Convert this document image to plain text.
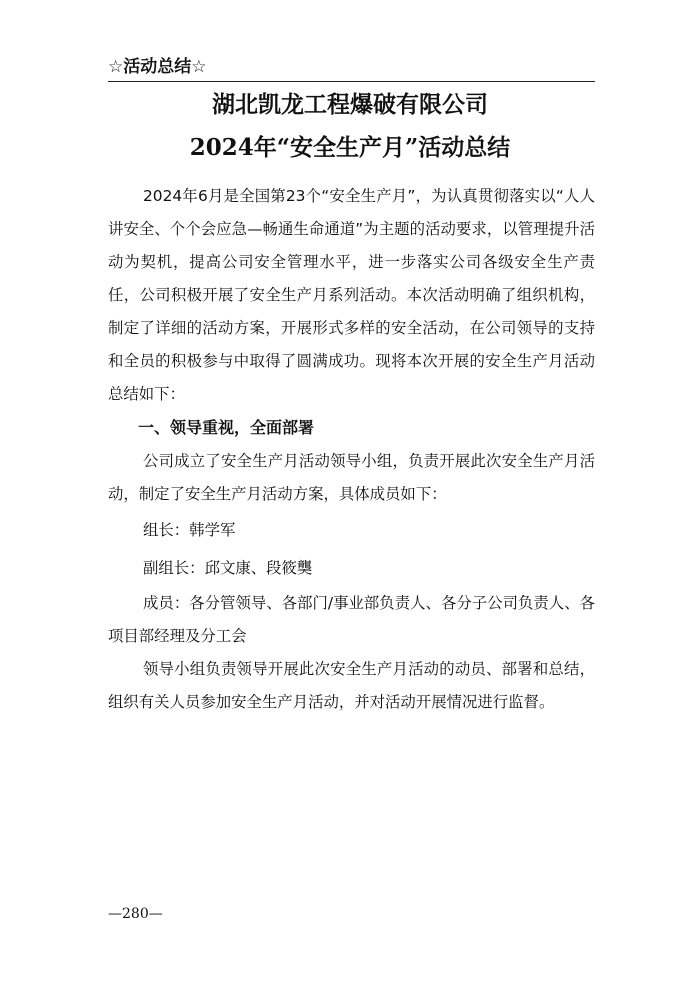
☆活动总结☆
湖北凯龙工程爆破有限公司
2024年“安全生产月”活动总结

2024年6月是全国第23个“安全生产月”，为认真贯彻落实以“人人讲安全、个个会应急—畅通生命通道”为主题的活动要求，以管理提升活动为契机，提高公司安全管理水平，进一步落实公司各级安全生产责任，公司积极开展了安全生产月系列活动。本次活动明确了组织机构，制定了详细的活动方案，开展形式多样的安全活动，在公司领导的支持和全员的积极参与中取得了圆满成功。现将本次开展的安全生产月活动总结如下：

一、领导重视，全面部署

公司成立了安全生产月活动领导小组，负责开展此次安全生产月活动，制定了安全生产月活动方案，具体成员如下：

组长：韩学军

副组长：邱文康、段筱龑

成员：各分管领导、各部门/事业部负责人、各分子公司负责人、各项目部经理及分工会

领导小组负责领导开展此次安全生产月活动的动员、部署和总结，组织有关人员参加安全生产月活动，并对活动开展情况进行监督。

—280—
